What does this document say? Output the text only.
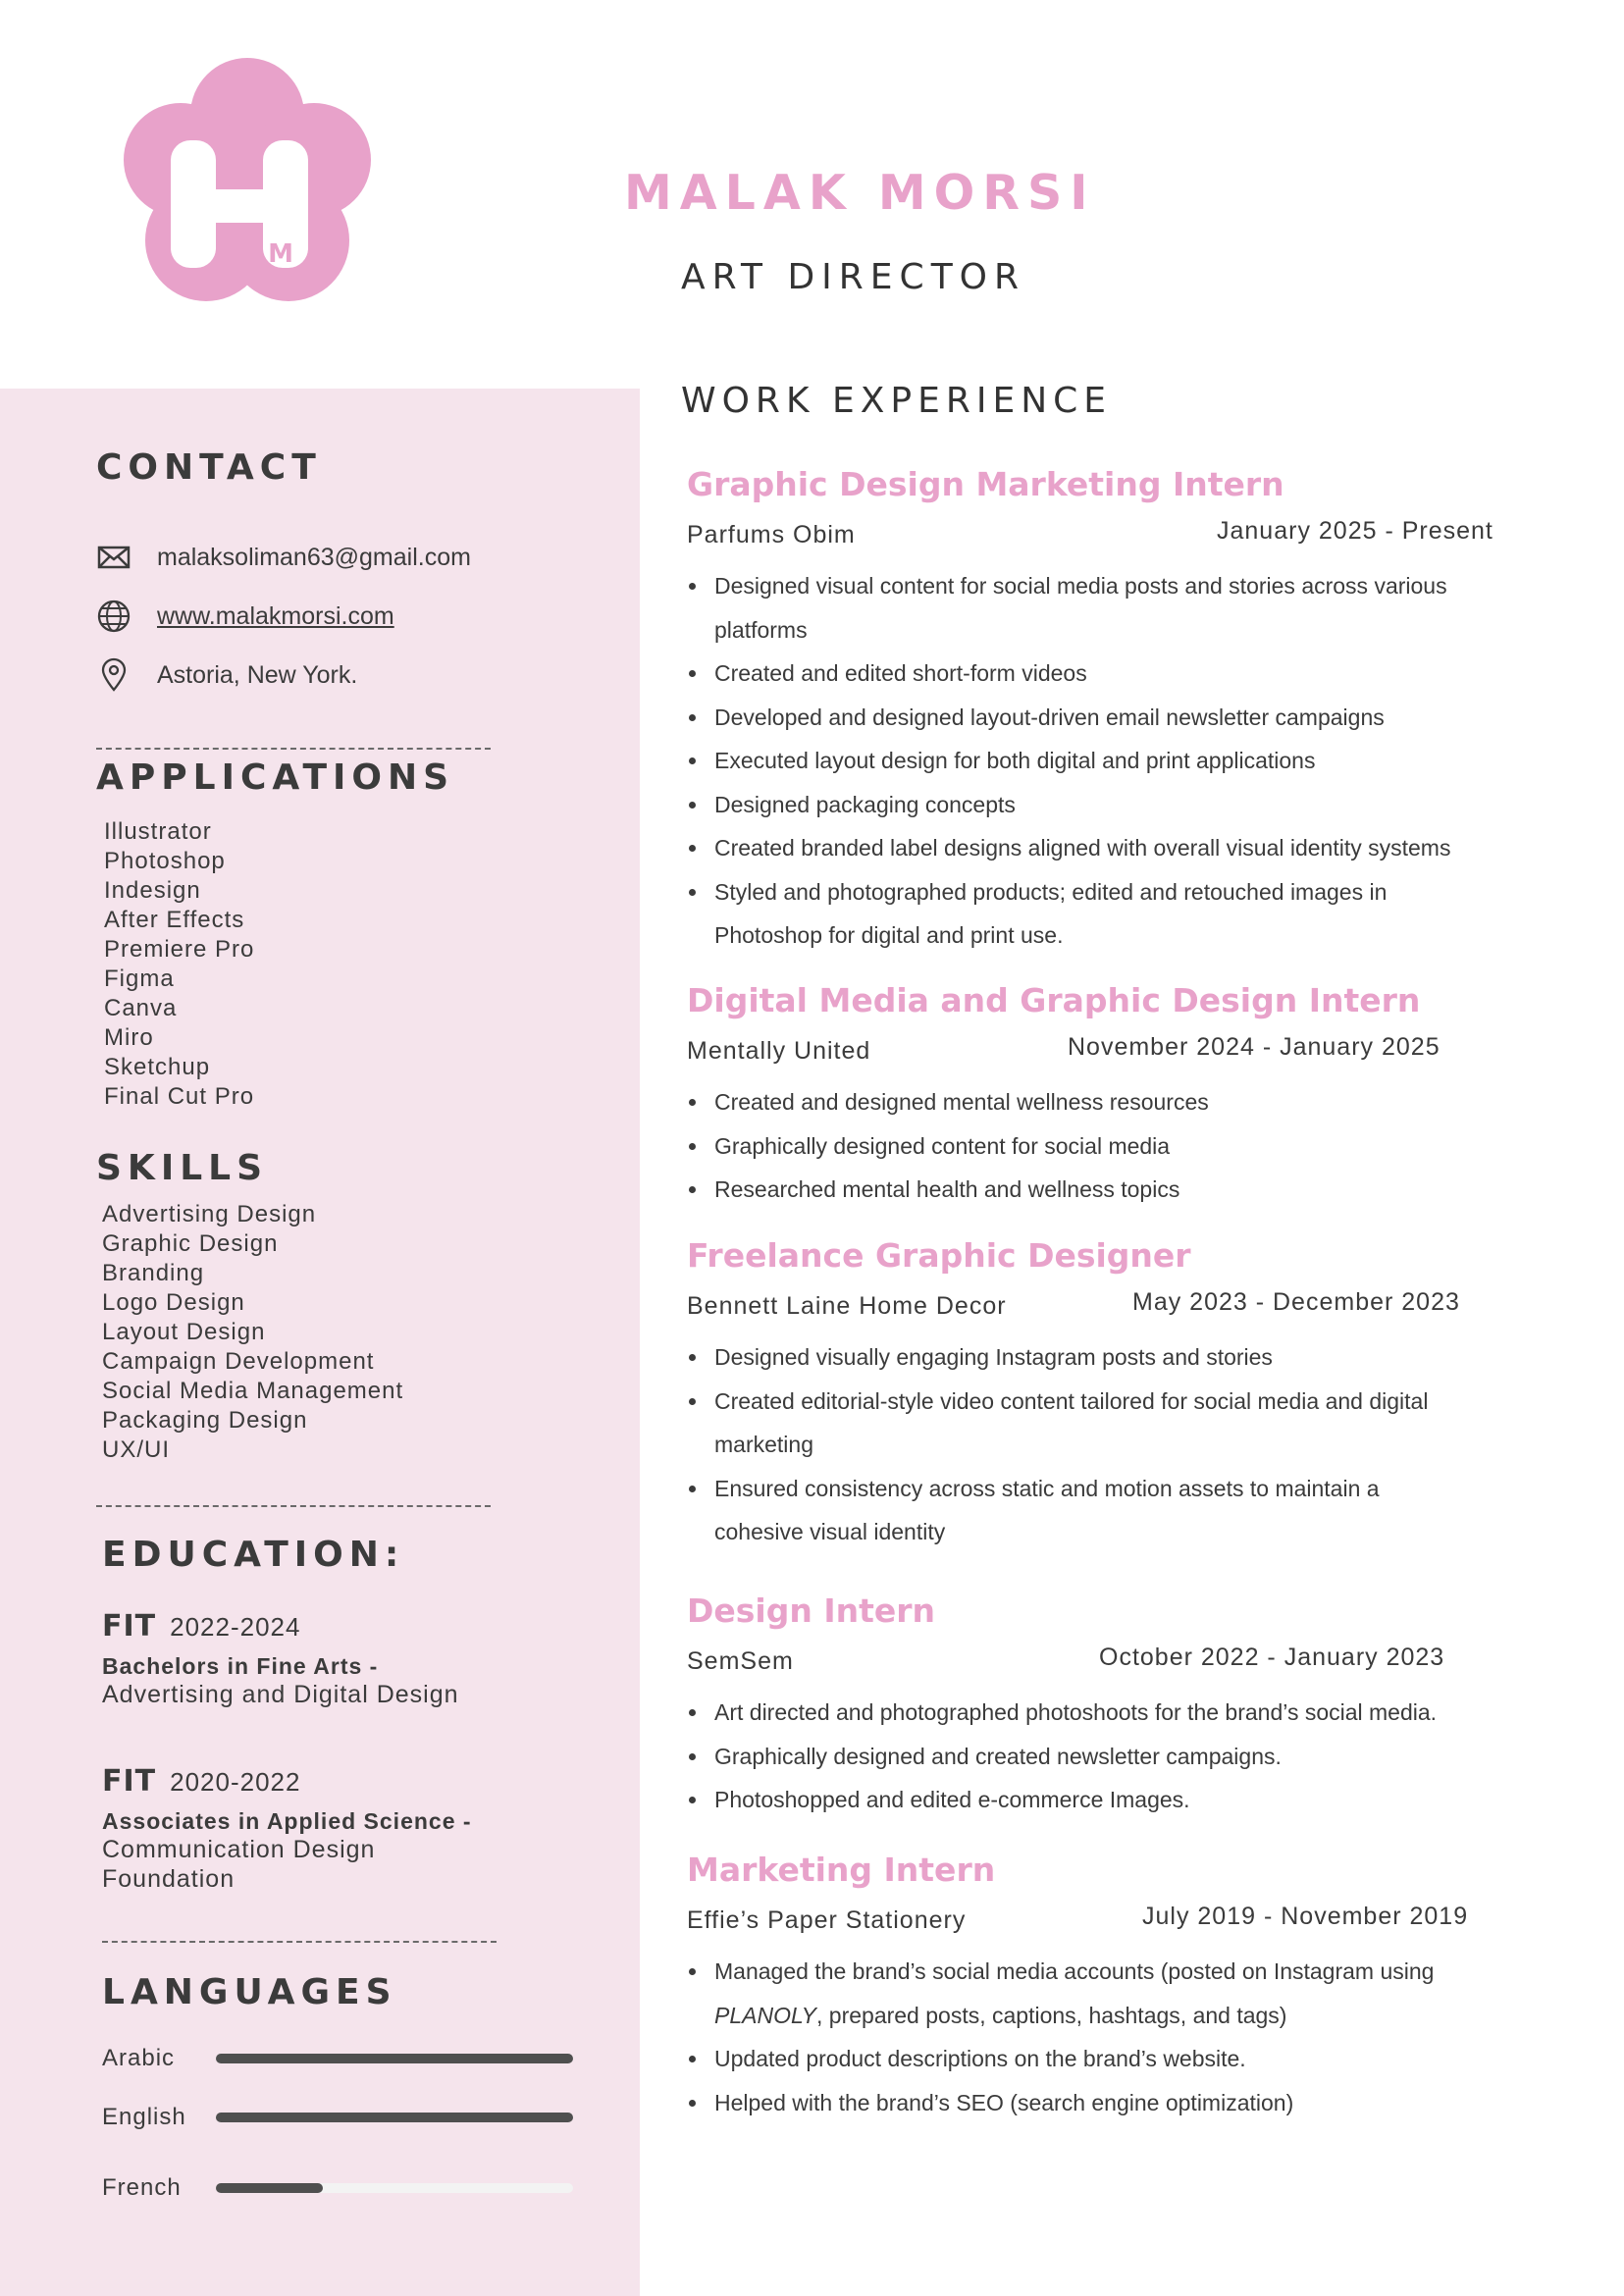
M
MALAK MORSI
ART DIRECTOR
CONTACT
malaksoliman63@gmail.com
www.malakmorsi.com
Astoria, New York.
APPLICATIONS
Illustrator
Photoshop
Indesign
After Effects
Premiere Pro
Figma
Canva
Miro
Sketchup
Final Cut Pro
SKILLS
Advertising Design
Graphic Design
Branding
Logo Design
Layout Design
Campaign Development
Social Media Management
Packaging Design
UX/UI
EDUCATION:
FIT 2022-2024
Bachelors in Fine Arts -
Advertising and Digital Design
FIT 2020-2022
Associates in Applied Science -
Communication Design
Foundation
LANGUAGES
Arabic
English
French
WORK EXPERIENCE
Graphic Design Marketing Intern
Parfums Obim	January 2025 - Present
Designed visual content for social media posts and stories across various
platforms
Created and edited short-form videos
Developed and designed layout-driven email newsletter campaigns
Executed layout design for both digital and print applications
Designed packaging concepts
Created branded label designs aligned with overall visual identity systems
Styled and photographed products; edited and retouched images in
Photoshop for digital and print use.
Digital Media and Graphic Design Intern
Mentally United	November 2024 - January 2025
Created and designed mental wellness resources
Graphically designed content for social media
Researched mental health and wellness topics
Freelance Graphic Designer
Bennett Laine Home Decor	May 2023 - December 2023
Designed visually engaging Instagram posts and stories
Created editorial-style video content tailored for social media and digital
marketing
Ensured consistency across static and motion assets to maintain a
cohesive visual identity
Design Intern
SemSem	October 2022 - January 2023
Art directed and photographed photoshoots for the brand’s social media.
Graphically designed and created newsletter campaigns.
Photoshopped and edited e-commerce Images.
Marketing Intern
Effie’s Paper Stationery	July 2019 - November 2019
Managed the brand’s social media accounts (posted on Instagram using
PLANOLY, prepared posts, captions, hashtags, and tags)
Updated product descriptions on the brand’s website.
Helped with the brand’s SEO (search engine optimization)
